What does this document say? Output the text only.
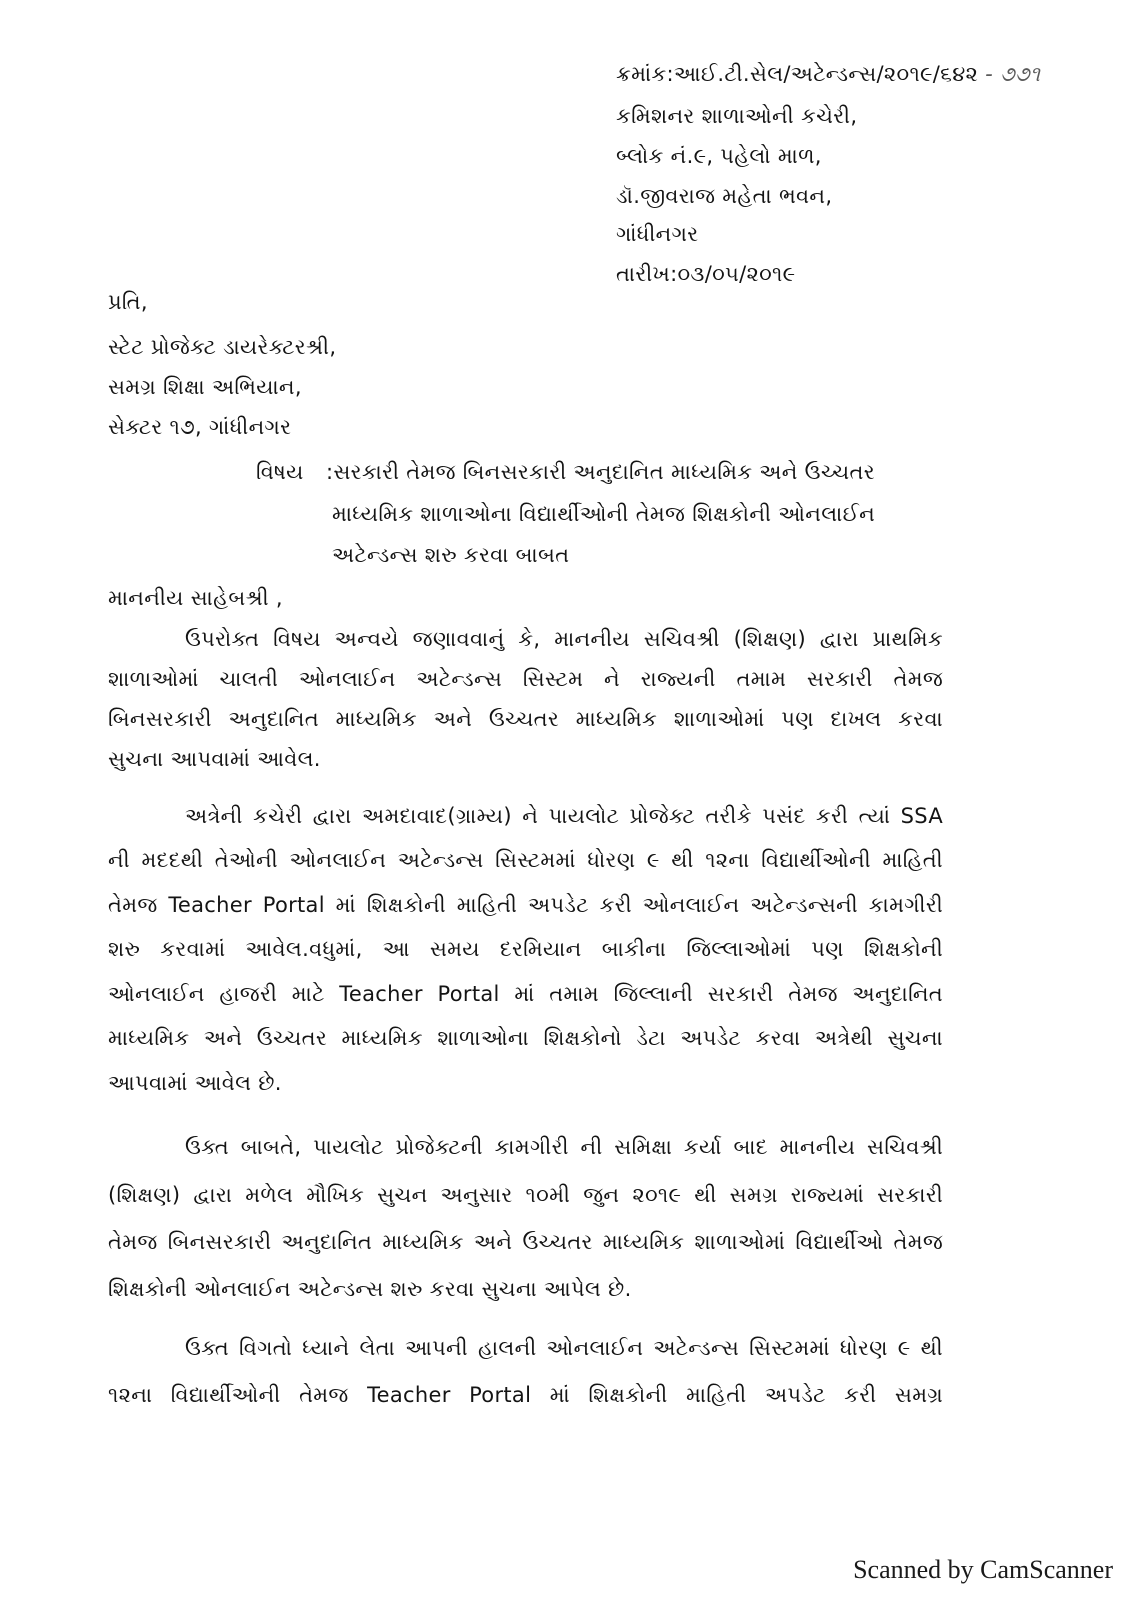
ક્રમાંક:આઈ.ટી.સેલ/અટેન્ડન્સ/૨૦૧૯/૬૪૨ - ૭૭૧
કમિશનર શાળાઓની કચેરી,
બ્લોક નં.૯, પહેલો માળ,
ડૉ.જીવરાજ મહેતા ભવન,
ગાંધીનગર
તારીખ:૦૩/૦૫/૨૦૧૯
પ્રતિ,
સ્ટેટ પ્રોજેક્ટ ડાયરેક્ટરશ્રી,
સમગ્ર શિક્ષા અભિયાન,
સેક્ટર ૧૭, ગાંધીનગર
વિષય :સરકારી તેમજ બિનસરકારી અનુદાનિત માધ્યમિક અને ઉચ્ચતર
માધ્યમિક શાળાઓના વિદ્યાર્થીઓની તેમજ શિક્ષકોની ઓનલાઈન
અટેન્ડન્સ શરુ કરવા બાબત
માનનીય સાહેબશ્રી ,
ઉપરોક્ત વિષય અન્વયે જણાવવાનું કે, માનનીય સચિવશ્રી (શિક્ષણ) દ્વારા પ્રાથમિક
શાળાઓમાં ચાલતી ઓનલાઈન અટેન્ડન્સ સિસ્ટમ ને રાજ્યની તમામ સરકારી તેમજ
બિનસરકારી અનુદાનિત માધ્યમિક અને ઉચ્ચતર માધ્યમિક શાળાઓમાં પણ દાખલ કરવા
સુચના આપવામાં આવેલ.
અત્રેની કચેરી દ્વારા અમદાવાદ(ગ્રામ્ય) ને પાયલોટ પ્રોજેક્ટ તરીકે પસંદ કરી ત્યાં SSA
ની મદદથી તેઓની ઓનલાઈન અટેન્ડન્સ સિસ્ટમમાં ધોરણ ૯ થી ૧૨ના વિદ્યાર્થીઓની માહિતી
તેમજ Teacher Portal માં શિક્ષકોની માહિતી અપડેટ કરી ઓનલાઈન અટેન્ડન્સની કામગીરી
શરુ કરવામાં આવેલ.વધુમાં, આ સમય દરમિયાન બાકીના જિલ્લાઓમાં પણ શિક્ષકોની
ઓનલાઈન હાજરી માટે Teacher Portal માં તમામ જિલ્લાની સરકારી તેમજ અનુદાનિત
માધ્યમિક અને ઉચ્ચતર માધ્યમિક શાળાઓના શિક્ષકોનો ડેટા અપડેટ કરવા અત્રેથી સુચના
આપવામાં આવેલ છે.
ઉક્ત બાબતે, પાયલોટ પ્રોજેક્ટની કામગીરી ની સમિક્ષા કર્યા બાદ માનનીય સચિવશ્રી
(શિક્ષણ) દ્વારા મળેલ મૌખિક સુચન અનુસાર ૧૦મી જુન ૨૦૧૯ થી સમગ્ર રાજ્યમાં સરકારી
તેમજ બિનસરકારી અનુદાનિત માધ્યમિક અને ઉચ્ચતર માધ્યમિક શાળાઓમાં વિદ્યાર્થીઓ તેમજ
શિક્ષકોની ઓનલાઈન અટેન્ડન્સ શરુ કરવા સુચના આપેલ છે.
ઉક્ત વિગતો ધ્યાને લેતા આપની હાલની ઓનલાઈન અટેન્ડન્સ સિસ્ટમમાં ધોરણ ૯ થી
૧૨ના વિદ્યાર્થીઓની તેમજ Teacher Portal માં શિક્ષકોની માહિતી અપડેટ કરી સમગ્ર
Scanned by CamScanner
